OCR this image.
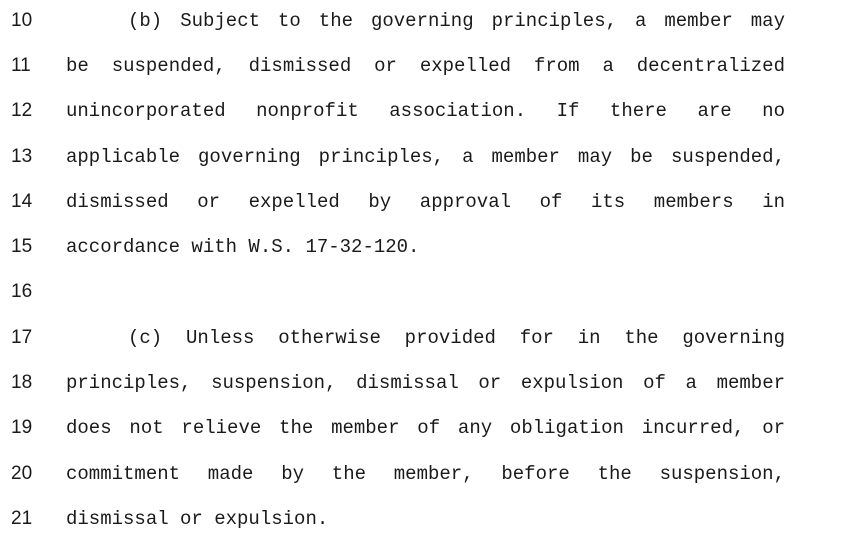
10	(b) Subject to the governing principles, a member may
11	be suspended, dismissed or expelled from a decentralized
12	unincorporated nonprofit association. If there are no
13	applicable governing principles, a member may be suspended,
14	dismissed or expelled by approval of its members in
15	accordance with W.S. 17-32-120.
16
17	(c) Unless otherwise provided for in the governing
18	principles, suspension, dismissal or expulsion of a member
19	does not relieve the member of any obligation incurred, or
20	commitment made by the member, before the suspension,
21	dismissal or expulsion.
